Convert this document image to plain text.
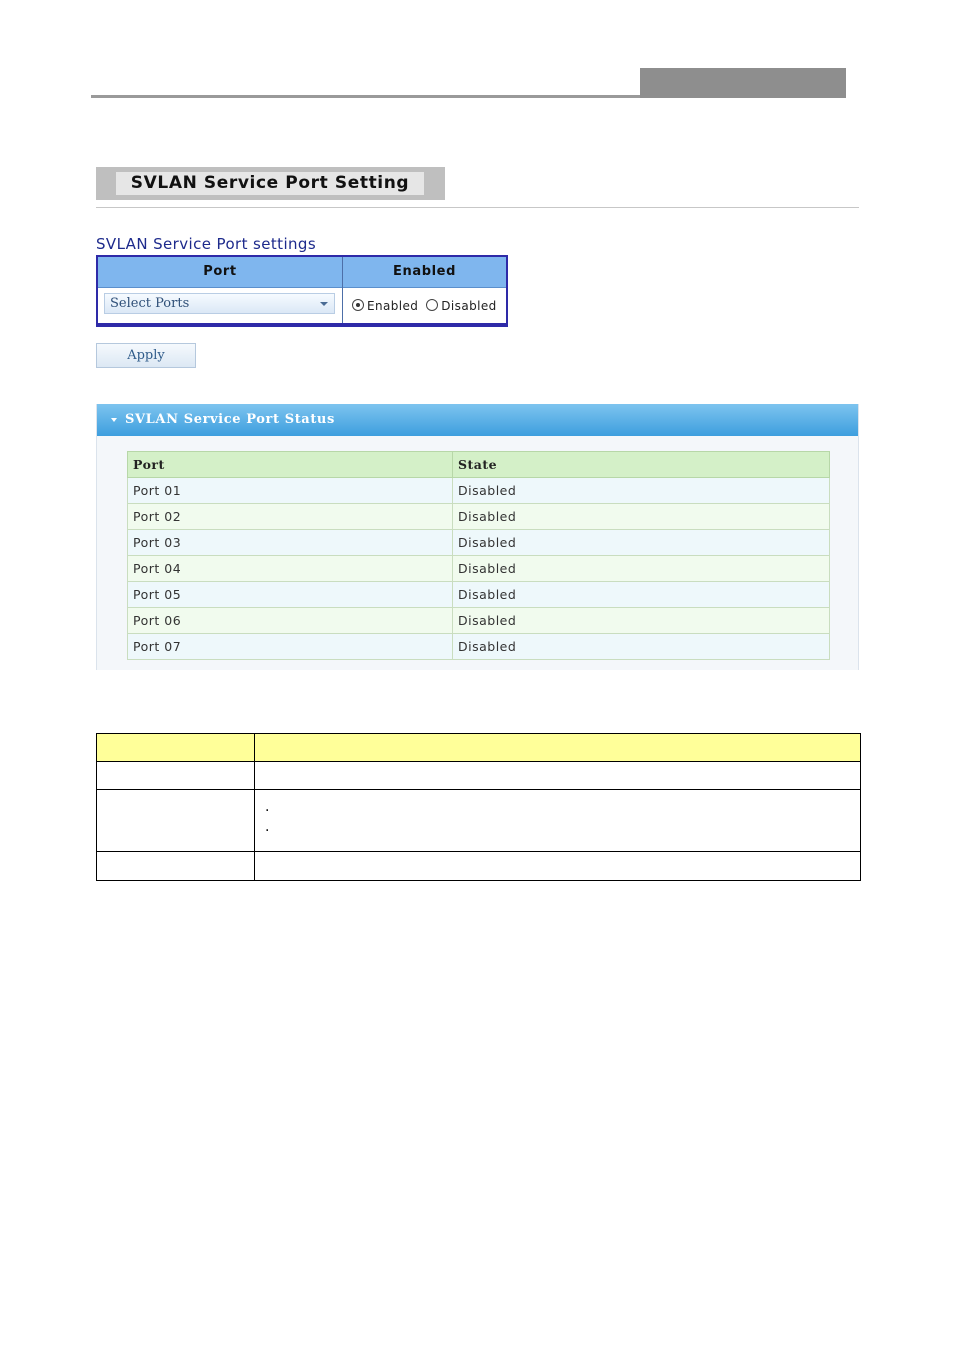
SVLAN Service Port Setting
SVLAN Service Port settings
Port	Enabled
Select Ports	Enabled Disabled
Apply
SVLAN Service Port Status
Port	State
Port 01	Disabled
Port 02	Disabled
Port 03	Disabled
Port 04	Disabled
Port 05	Disabled
Port 06	Disabled
Port 07	Disabled

	·
·
